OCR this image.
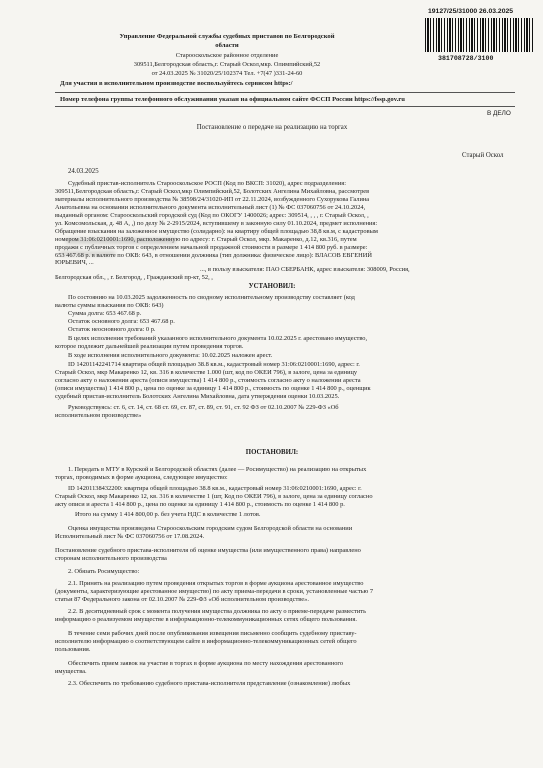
19127/25/31000 26.03.2025
381708728/3100
Управление Федеральной службы судебных приставов по Белгородской
области
Старооскольское районное отделение
309511,Белгородская область,г. Старый Оскол,мкр. Олимпийский,52
от 24.03.2025 № 31020/25/102374 Тел. +7(47 )331-24-60
Для участия в исполнительном производстве воспользуйтесь сервисом https:/
Номер телефона группы телефонного обслуживания указан на официальном сайте ФССП России https://fssp.gov.ru
В ДЕЛО
Постановление о передаче на реализацию на торгах
Старый Оскол
24.03.2025
Судебный пристав-исполнитель Старооскольское РОСП (Код по ВКСП: 31020), адрес подразделения:
309511,Белгородская область,г. Старый Оскол,мкр Олимпийский,52, Болотских Ангелина Михайловна, рассмотрев
материалы исполнительного производства № 38598/24/31020-ИП от 22.11.2024, возбужденного Сухоруковa Галина
Анатольевна на основании исполнительного документа исполнительный лист (1) № ФС 037060756 от 24.10.2024,
выданный органом: Старооскольский городской суд (Код по ОКОГУ 1400026; адрес: 309514, , , , г. Старый Оскол, ,
ул. Комсомольская, д. 48 А, ,) по делу № 2-2915/2024, вступившему в законную силу 01.10.2024, предмет исполнения:
Обращение взыскания на заложенное имущество (солидарно): на квартиру общей площадью 38,8 кв.м, с кадастровым
номером 31:06:0210001:1690, расположенную по адресу: г. Старый Оскол, мкр. Макаренко, д.12, кв.316, путем
продажи с публичных торгов с определением начальной продажной стоимости в размере 1 414 800 руб. в размере:
653 467.68 р. в валюте по ОКВ: 643, в отношении должника (тип должника: физическое лицо): ВЛАСОВ ЕВГЕНИЙ
ЮРЬЕВИЧ, ...
..., в пользу взыскателя: ПАО СБЕРБАНК, адрес взыскателя: 308009, Россия,
Белгородская обл., , г. Белгород, , Гражданский пр-кт, 52, ,
УСТАНОВИЛ:
По состоянию на 10.03.2025 задолженность по сводному исполнительному производству составляет (код
валюты суммы взыскания по ОКВ: 643)
Сумма долга: 653 467.68 р.
Остаток основного долга: 653 467.68 р.
Остаток неосновного долга: 0 р.
В целях исполнения требований указанного исполнительного документа 10.02.2025 г. арестовано имущество,
которое подлежит дальнейшей реализации путем проведения торгов.
В ходе исполнения исполнительного документа: 10.02.2025 наложен арест.
ID 14201142241714 квартира общей площадью 38.8 кв.м., кадастровый номер 31:06:0210001:1690, адрес: г.
Старый Оскол, мкр Макаренко 12, кв. 316 в количестве 1.000 (шт, код по ОКЕИ 796), в залоге, цена за единицу
согласно акту о наложении ареста (описи имущества) 1 414 800 р., стоимость согласно акту о наложении ареста
(описи имущества) 1 414 800 р., цена по оценке за единицу 1 414 800 р., стоимость по оценке 1 414 800 р., оценщик
судебный пристав-исполнитель Болотских Ангелина Михайловна, дата утверждения оценки 10.03.2025.
Руководствуясь: ст. 6, ст. 14, ст. 68 ст. 69, ст. 87, ст. 89, ст. 91, ст. 92 ФЗ от 02.10.2007 № 229-ФЗ «Об
исполнительном производстве»
ПОСТАНОВИЛ:
1. Передать в МТУ в Курской и Белгородской областях (далее — Росимущество) на реализацию на открытых
торгах, проводимых в форме аукциона, следующее имущество:
ID 14201138432200: квартира общей площадью 38.8 кв.м., кадастровый номер 31:06:0210001:1690, адрес: г.
Старый Оскол, мкр Макаренко 12, кв. 316 в количестве 1 (шт, Код по ОКЕИ 796), в залоге, цена за единицу согласно
акту описи и ареста 1 414 800 р., цена по оценке за единицу 1 414 800 р., стоимость по оценке 1 414 800 р.
Итого на сумму 1 414 800,00 р. без учета НДС в количестве 1 лотов.
Оценка имущества произведена Старооскольским городским судом Белгородской области на основании
Исполнительный лист № ФС 037060756 от 17.08.2024.
Постановление судебного пристава-исполнителя об оценке имущества (или имущественного права) направлено
сторонам исполнительного производства
2. Обязать Росимущество:
2.1. Принять на реализацию путем проведения открытых торгов в форме аукциона арестованное имущество
(документы, характеризующие арестованное имущество) по акту приема-передачи в сроки, установленные частью 7
статьи 87 Федерального закона от 02.10.2007 № 229-ФЗ «Об исполнительном производстве».
2.2. В десятидневный срок с момента получения имущества должника по акту о приеме-передаче разместить
информацию о реализуемом имуществе в информационно-телекоммуникационных сетях общего пользования.
В течение семи рабочих дней после опубликования извещения письменно сообщить судебному приставу-
исполнителю информацию о соответствующем сайте в информационно-телекоммуникационных сетей общего
пользования.
Обеспечить прием заявок на участие в торгах в форме аукциона по месту нахождения арестованного
имущества.
2.3. Обеспечить по требованию судебного пристава-исполнителя представление (ознакомление) любых
